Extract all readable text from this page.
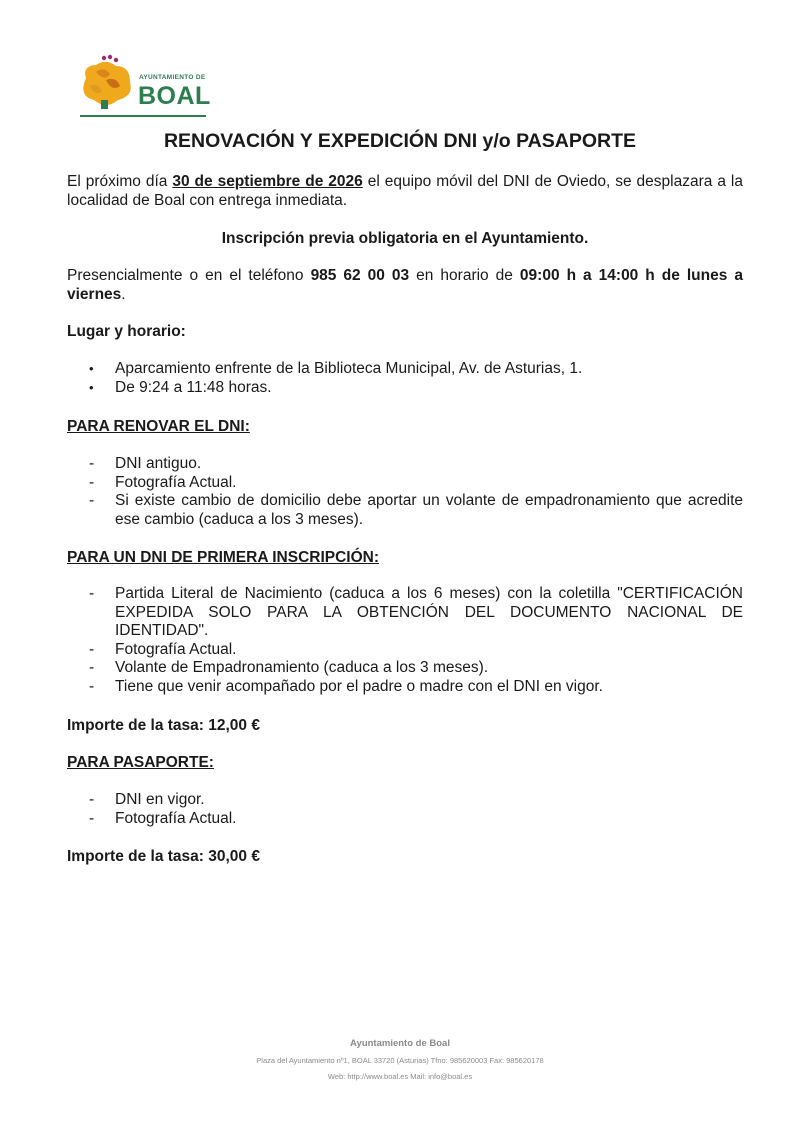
AYUNTAMIENTO DE
BOAL
RENOVACIÓN Y EXPEDICIÓN DNI y/o PASAPORTE

El próximo día 30 de septiembre de 2026 el equipo móvil del DNI de Oviedo, se desplazara a la localidad de Boal con entrega inmediata.

Inscripción previa obligatoria en el Ayuntamiento.

Presencialmente o en el teléfono 985 62 00 03 en horario de 09:00 h a 14:00 h de lunes a viernes.

Lugar y horario:

• Aparcamiento enfrente de la Biblioteca Municipal, Av. de Asturias, 1.
• De 9:24 a 11:48 horas.

PARA RENOVAR EL DNI:

- DNI antiguo.
- Fotografía Actual.
- Si existe cambio de domicilio debe aportar un volante de empadronamiento que acredite ese cambio (caduca a los 3 meses).

PARA UN DNI DE PRIMERA INSCRIPCIÓN:

- Partida Literal de Nacimiento (caduca a los 6 meses) con la coletilla "CERTIFICACIÓN EXPEDIDA SOLO PARA LA OBTENCIÓN DEL DOCUMENTO NACIONAL DE IDENTIDAD".
- Fotografía Actual.
- Volante de Empadronamiento (caduca a los 3 meses).
- Tiene que venir acompañado por el padre o madre con el DNI en vigor.

Importe de la tasa: 12,00 €

PARA PASAPORTE:

- DNI en vigor.
- Fotografía Actual.

Importe de la tasa: 30,00 €

Ayuntamiento de Boal
Plaza del Ayuntamiento nº1, BOAL 33720 (Asturias) Tfno: 985620003 Fax: 985620178
Web: http://www.boal.es Mail: info@boal.es
